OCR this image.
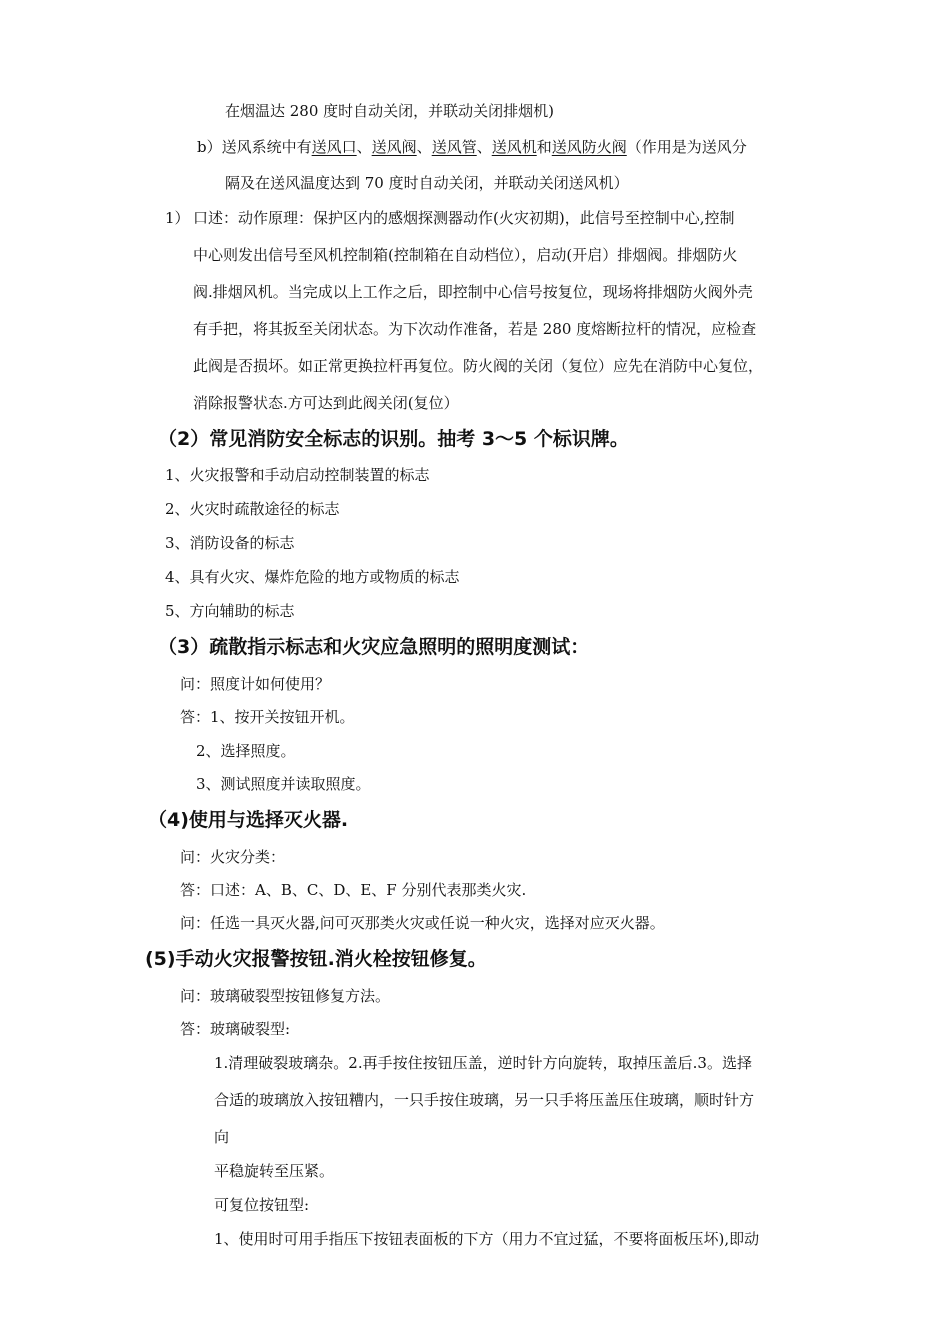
在烟温达 280 度时自动关闭，并联动关闭排烟机)
b）送风系统中有送风口、送风阀、送风管、送风机和送风防火阀（作用是为送风分
隔及在送风温度达到 70 度时自动关闭，并联动关闭送风机）
1） 口述：动作原理：保护区内的感烟探测器动作(火灾初期)，此信号至控制中心,控制
中心则发出信号至风机控制箱(控制箱在自动档位），启动(开启）排烟阀。排烟防火
阀.排烟风机。当完成以上工作之后，即控制中心信号按复位，现场将排烟防火阀外壳
有手把，将其扳至关闭状态。为下次动作准备，若是 280 度熔断拉杆的情况，应检查
此阀是否损坏。如正常更换拉杆再复位。防火阀的关闭（复位）应先在消防中心复位，
消除报警状态.方可达到此阀关闭(复位）
（2）常见消防安全标志的识别。抽考 3～5 个标识牌。
1、火灾报警和手动启动控制装置的标志
2、火灾时疏散途径的标志
3、消防设备的标志
4、具有火灾、爆炸危险的地方或物质的标志
5、方向辅助的标志
（3）疏散指示标志和火灾应急照明的照明度测试：
问：照度计如何使用？
答：1、按开关按钮开机。
2、选择照度。
3、测试照度并读取照度。
（4)使用与选择灭火器.
问：火灾分类：
答：口述：A、B、C、D、E、F 分别代表那类火灾.
问：任选一具灭火器,问可灭那类火灾或任说一种火灾，选择对应灭火器。
(5)手动火灾报警按钮.消火栓按钮修复。
问：玻璃破裂型按钮修复方法。
答：玻璃破裂型:
1.清理破裂玻璃杂。2.再手按住按钮压盖，逆时针方向旋转，取掉压盖后.3。选择
合适的玻璃放入按钮糟内，一只手按住玻璃，另一只手将压盖压住玻璃，顺时针方
向
平稳旋转至压紧。
可复位按钮型:
1、使用时可用手指压下按钮表面板的下方（用力不宜过猛，不要将面板压坏),即动
